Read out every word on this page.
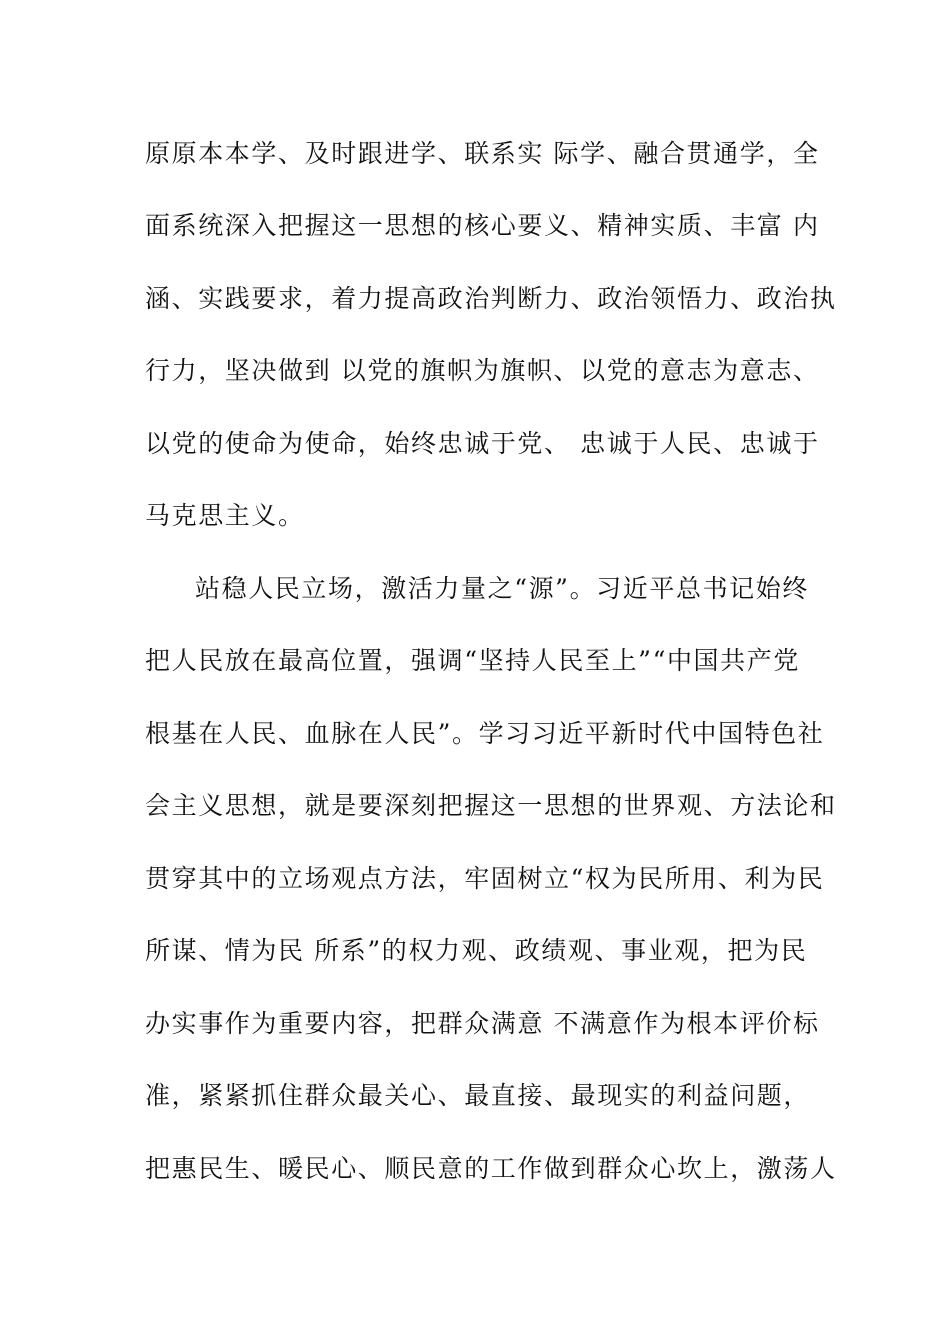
原原本本学、及时跟进学、联系实 际学、融合贯通学，全
面系统深入把握这一思想的核心要义、精神实质、丰富 内
涵、实践要求，着力提高政治判断力、政治领悟力、政治执
行力，坚决做到 以党的旗帜为旗帜、以党的意志为意志、
以党的使命为使命，始终忠诚于党、 忠诚于人民、忠诚于
马克思主义。
站稳人民立场，激活力量之“源”。习近平总书记始终
把人民放在最高位置，强调“坚持人民至上”“中国共产党
根基在人民、血脉在人民”。学习习近平新时代中国特色社
会主义思想，就是要深刻把握这一思想的世界观、方法论和
贯穿其中的立场观点方法，牢固树立“权为民所用、利为民
所谋、情为民 所系”的权力观、政绩观、事业观，把为民
办实事作为重要内容，把群众满意 不满意作为根本评价标
准，紧紧抓住群众最关心、最直接、最现实的利益问题，
把惠民生、暖民心、顺民意的工作做到群众心坎上，激荡人
